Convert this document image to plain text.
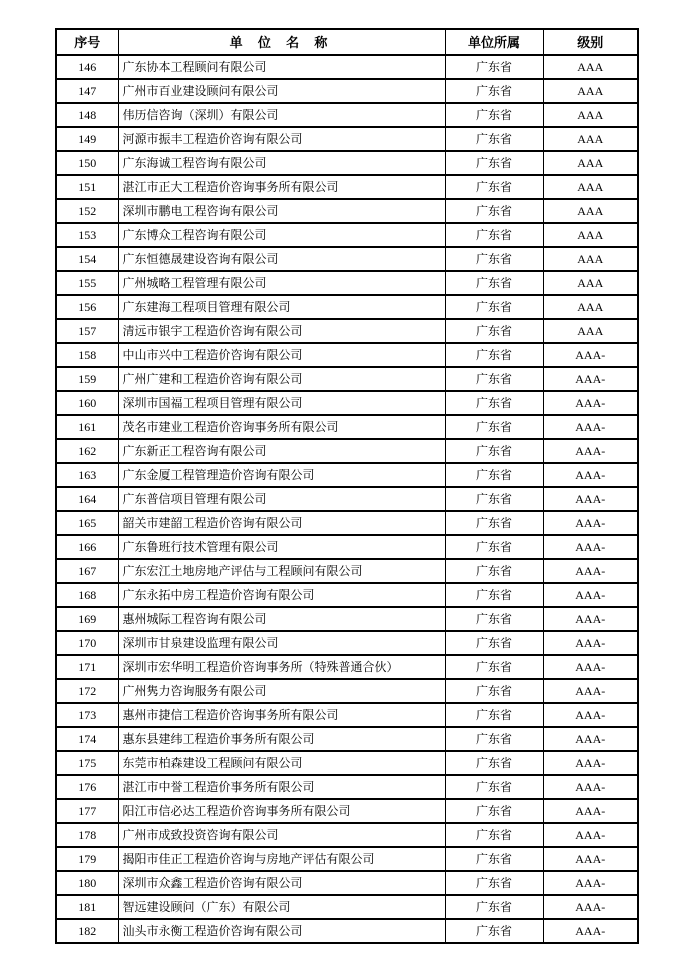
序号	单 位 名 称	单位所属	级别
146	广东协本工程顾问有限公司	广东省	AAA
147	广州市百业建设顾问有限公司	广东省	AAA
148	伟历信咨询（深圳）有限公司	广东省	AAA
149	河源市振丰工程造价咨询有限公司	广东省	AAA
150	广东海诚工程咨询有限公司	广东省	AAA
151	湛江市正大工程造价咨询事务所有限公司	广东省	AAA
152	深圳市鹏电工程咨询有限公司	广东省	AAA
153	广东博众工程咨询有限公司	广东省	AAA
154	广东恒德晟建设咨询有限公司	广东省	AAA
155	广州城略工程管理有限公司	广东省	AAA
156	广东建海工程项目管理有限公司	广东省	AAA
157	清远市银宇工程造价咨询有限公司	广东省	AAA
158	中山市兴中工程造价咨询有限公司	广东省	AAA-
159	广州广建和工程造价咨询有限公司	广东省	AAA-
160	深圳市国福工程项目管理有限公司	广东省	AAA-
161	茂名市建业工程造价咨询事务所有限公司	广东省	AAA-
162	广东新正工程咨询有限公司	广东省	AAA-
163	广东金厦工程管理造价咨询有限公司	广东省	AAA-
164	广东普信项目管理有限公司	广东省	AAA-
165	韶关市建韶工程造价咨询有限公司	广东省	AAA-
166	广东鲁班行技术管理有限公司	广东省	AAA-
167	广东宏江土地房地产评估与工程顾问有限公司	广东省	AAA-
168	广东永拓中房工程造价咨询有限公司	广东省	AAA-
169	惠州城际工程咨询有限公司	广东省	AAA-
170	深圳市甘泉建设监理有限公司	广东省	AAA-
171	深圳市宏华明工程造价咨询事务所（特殊普通合伙）	广东省	AAA-
172	广州隽力咨询服务有限公司	广东省	AAA-
173	惠州市捷信工程造价咨询事务所有限公司	广东省	AAA-
174	惠东县建纬工程造价事务所有限公司	广东省	AAA-
175	东莞市柏森建设工程顾问有限公司	广东省	AAA-
176	湛江市中誉工程造价事务所有限公司	广东省	AAA-
177	阳江市信必达工程造价咨询事务所有限公司	广东省	AAA-
178	广州市成致投资咨询有限公司	广东省	AAA-
179	揭阳市佳正工程造价咨询与房地产评估有限公司	广东省	AAA-
180	深圳市众鑫工程造价咨询有限公司	广东省	AAA-
181	智远建设顾问（广东）有限公司	广东省	AAA-
182	汕头市永衡工程造价咨询有限公司	广东省	AAA-
